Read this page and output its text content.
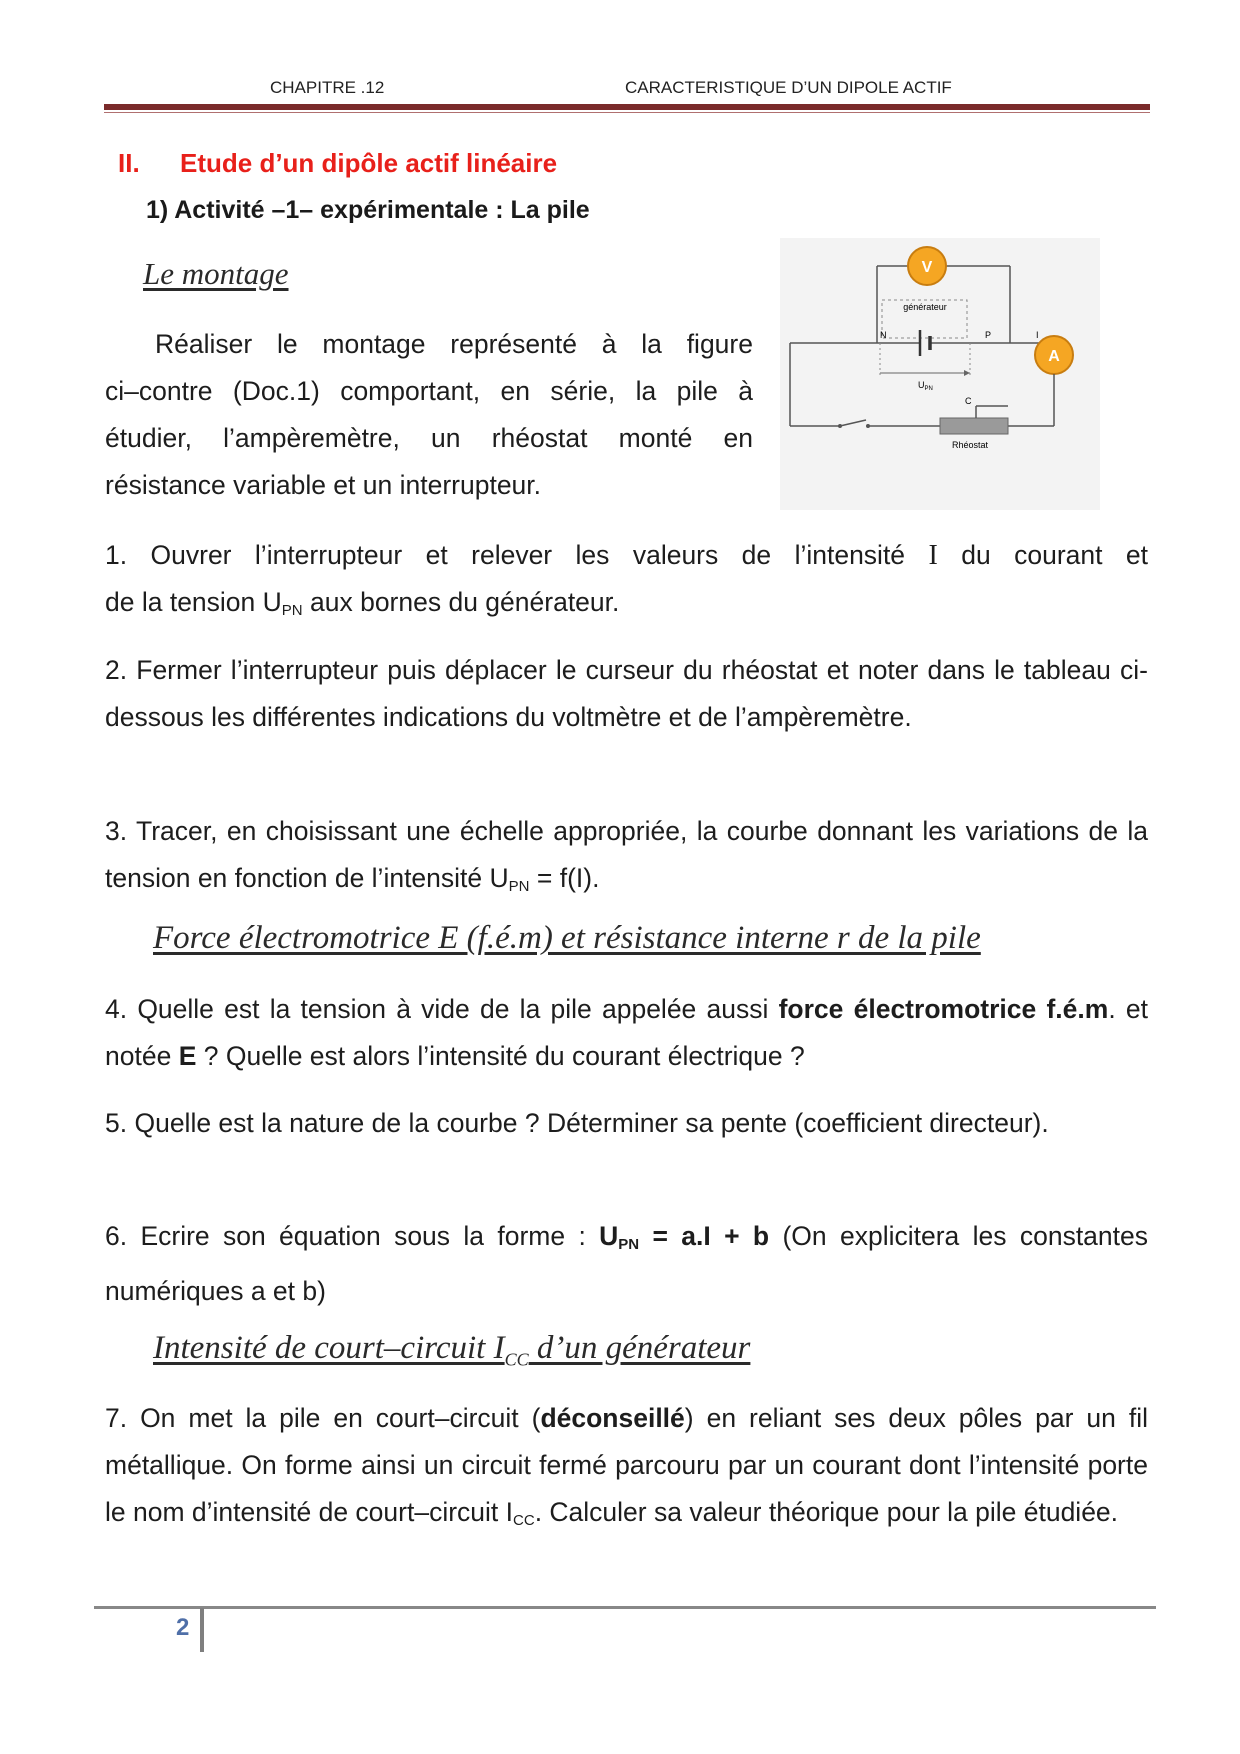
CHAPITRE .12	CARACTERISTIQUE D’UN DIPOLE ACTIF
II. Etude d’un dipôle actif linéaire
1) Activité –1– expérimentale : La pile
Le montage
Réaliser le montage représenté à la figure
ci–contre (Doc.1) comportant, en série, la pile à
étudier, l’ampèremètre, un rhéostat monté en
résistance variable et un interrupteur.
V
générateur
N	P	I
$U_{PN}$
A
C
Rhéostat
1. Ouvrer l’interrupteur et relever les valeurs de l’intensité I du courant et
de la tension $U_{PN}$ aux bornes du générateur.
2. Fermer l’interrupteur puis déplacer le curseur du rhéostat et noter dans le tableau ci-dessous les différentes indications du voltmètre et de l’ampèremètre.
3. Tracer, en choisissant une échelle appropriée, la courbe donnant les variations de la tension en fonction de l’intensité $U_{PN} = f(I)$.
Force électromotrice E (f.é.m) et résistance interne r de la pile
4. Quelle est la tension à vide de la pile appelée aussi force électromotrice f.é.m. et notée E ? Quelle est alors l’intensité du courant électrique ?
5. Quelle est la nature de la courbe ? Déterminer sa pente (coefficient directeur).
6. Ecrire son équation sous la forme : $U_{PN} = a.I + b$ (On explicitera les constantes numériques a et b)
Intensité de court–circuit $I_{CC}$ d’un générateur
7. On met la pile en court–circuit (déconseillé) en reliant ses deux pôles par un fil métallique. On forme ainsi un circuit fermé parcouru par un courant dont l’intensité porte le nom d’intensité de court–circuit $I_{CC}$. Calculer sa valeur théorique pour la pile étudiée.
2
